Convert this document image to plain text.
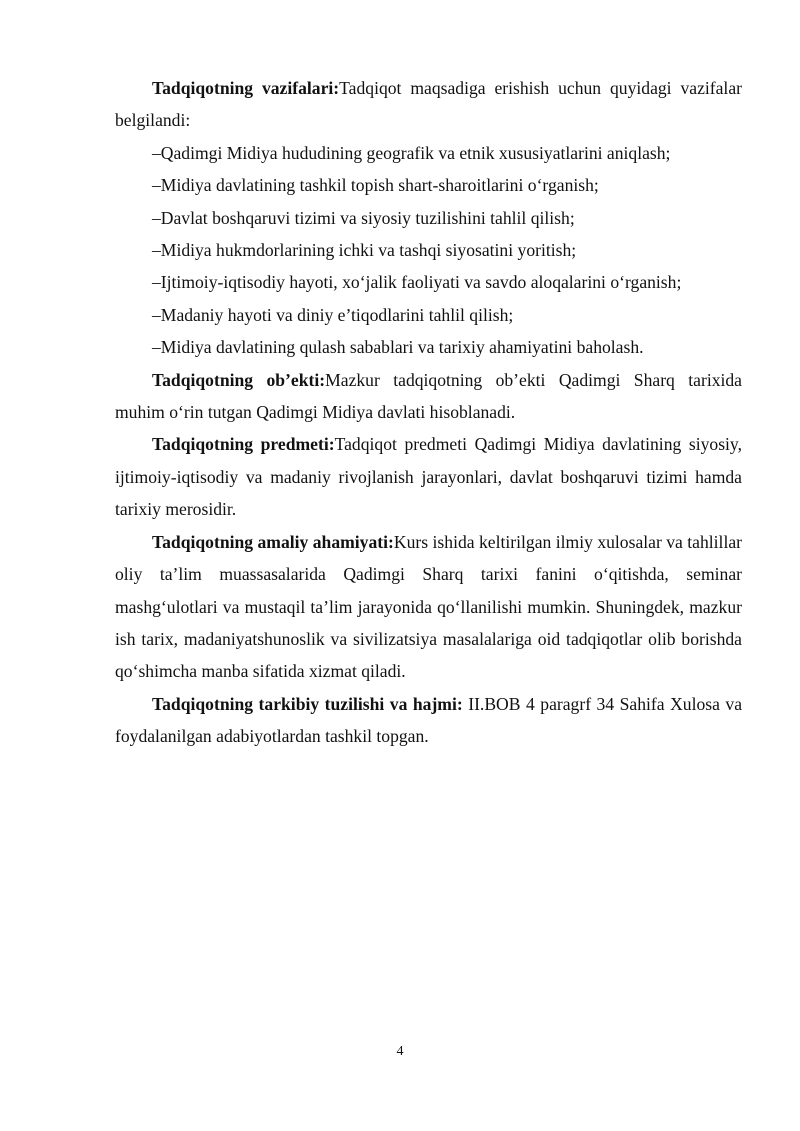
Tadqiqotning vazifalari:Tadqiqot maqsadiga erishish uchun quyidagi vazifalar belgilandi:

–Qadimgi Midiya hududining geografik va etnik xususiyatlarini aniqlash;
–Midiya davlatining tashkil topish shart-sharoitlarini o‘rganish;
–Davlat boshqaruvi tizimi va siyosiy tuzilishini tahlil qilish;
–Midiya hukmdorlarining ichki va tashqi siyosatini yoritish;
–Ijtimoiy-iqtisodiy hayoti, xo‘jalik faoliyati va savdo aloqalarini o‘rganish;
–Madaniy hayoti va diniy e’tiqodlarini tahlil qilish;
–Midiya davlatining qulash sabablari va tarixiy ahamiyatini baholash.

Tadqiqotning ob’ekti:Mazkur tadqiqotning ob’ekti Qadimgi Sharq tarixida muhim o‘rin tutgan Qadimgi Midiya davlati hisoblanadi.

Tadqiqotning predmeti:Tadqiqot predmeti Qadimgi Midiya davlatining siyosiy, ijtimoiy-iqtisodiy va madaniy rivojlanish jarayonlari, davlat boshqaruvi tizimi hamda tarixiy merosidir.

Tadqiqotning amaliy ahamiyati:Kurs ishida keltirilgan ilmiy xulosalar va tahlillar oliy ta’lim muassasalarida Qadimgi Sharq tarixi fanini o‘qitishda, seminar mashg‘ulotlari va mustaqil ta’lim jarayonida qo‘llanilishi mumkin. Shuningdek, mazkur ish tarix, madaniyatshunoslik va sivilizatsiya masalalariga oid tadqiqotlar olib borishda qo‘shimcha manba sifatida xizmat qiladi.

Tadqiqotning tarkibiy tuzilishi va hajmi: II.BOB 4 paragrf 34 Sahifa Xulosa va foydalanilgan adabiyotlardan tashkil topgan.

4
